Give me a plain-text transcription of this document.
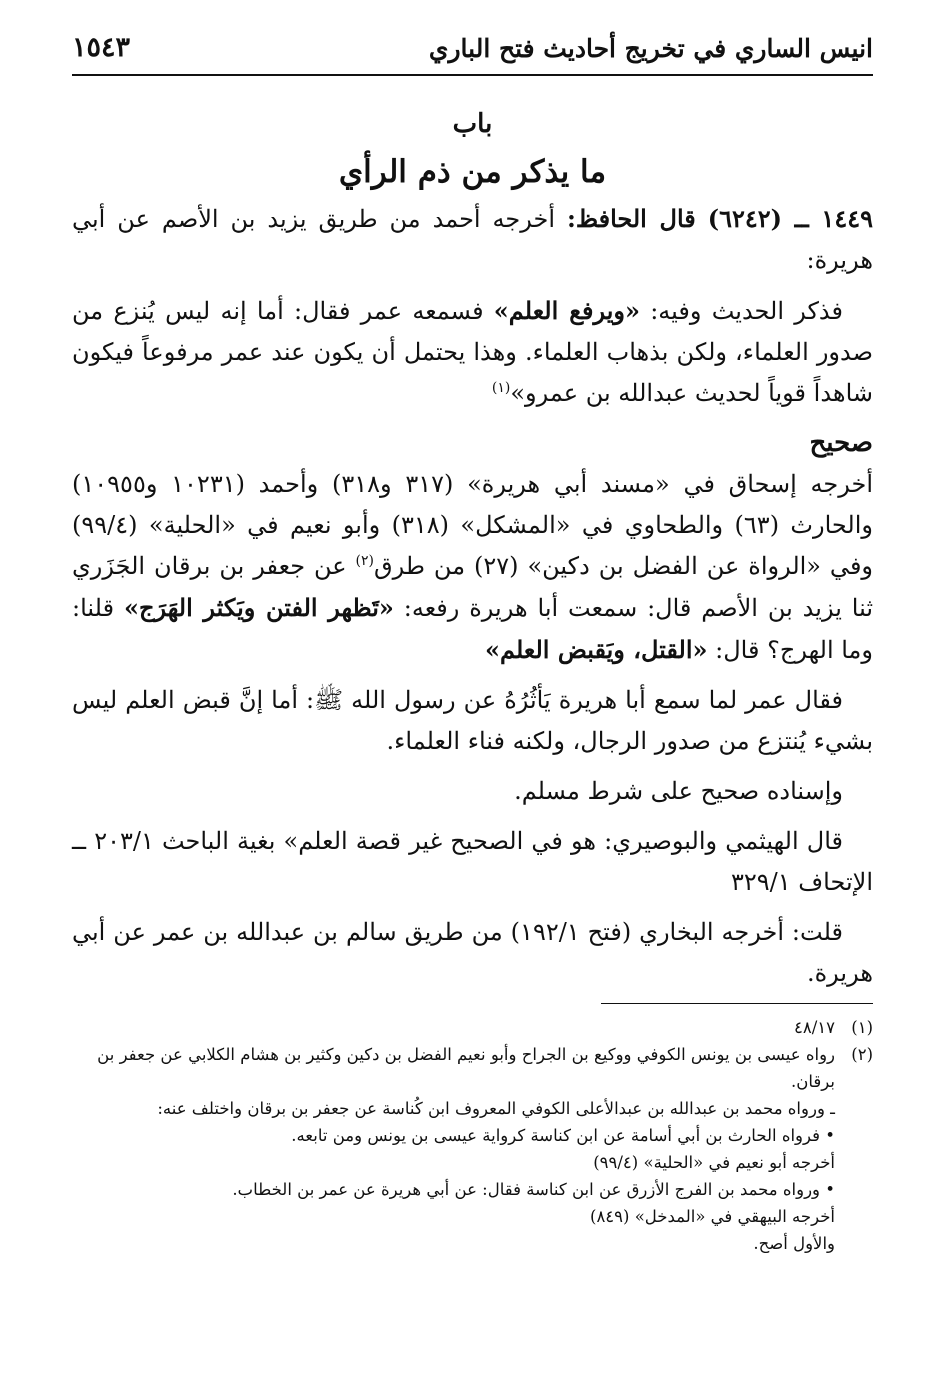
انيس الساري في تخريج أحاديث فتح الباري
١٥٤٣
باب
ما يذكر من ذم الرأي

١٤٤٩ ــ (٦٢٤٢) قال الحافظ: أخرجه أحمد من طريق يزيد بن الأصم عن أبي هريرة:

فذكر الحديث وفيه: «ويرفع العلم» فسمعه عمر فقال: أما إنه ليس يُنزع من صدور العلماء، ولكن بذهاب العلماء. وهذا يحتمل أن يكون عند عمر مرفوعاً فيكون شاهداً قوياً لحديث عبدالله بن عمرو»$^{(١)}$

صحيح

أخرجه إسحاق في «مسند أبي هريرة» (٣١٧ و٣١٨) وأحمد (١٠٢٣١ و١٠٩٥٥) والحارث (٦٣) والطحاوي في «المشكل» (٣١٨) وأبو نعيم في «الحلية» (٩٩/٤) وفي «الرواة عن الفضل بن دكين» (٢٧) من طرق$^{(٢)}$ عن جعفر بن برقان الجَزَري ثنا يزيد بن الأصم قال: سمعت أبا هريرة رفعه: «تَظهر الفتن ويَكثر الهَرَج» قلنا: وما الهرج؟ قال: «القتل، ويَقبض العلم»

فقال عمر لما سمع أبا هريرة يَأثُرُهُ عن رسول الله ﷺ: أما إنَّ قبض العلم ليس بشيء يُنتزع من صدور الرجال، ولكنه فناء العلماء.

وإسناده صحيح على شرط مسلم.

قال الهيثمي والبوصيري: هو في الصحيح غير قصة العلم» بغية الباحث ٢٠٣/١ ــ الإتحاف ٣٢٩/١

قلت: أخرجه البخاري (فتح ١٩٢/١) من طريق سالم بن عبدالله بن عمر عن أبي هريرة.

(١)

٤٨/١٧

(٢)

رواه عيسى بن يونس الكوفي ووكيع بن الجراح وأبو نعيم الفضل بن دكين وكثير بن هشام الكلابي عن جعفر بن برقان.

ـ ورواه محمد بن عبدالله بن عبدالأعلى الكوفي المعروف ابن كُناسة عن جعفر بن برقان واختلف عنه:

• فرواه الحارث بن أبي أسامة عن ابن كناسة كرواية عيسى بن يونس ومن تابعه.

أخرجه أبو نعيم في «الحلية» (٩٩/٤)

• ورواه محمد بن الفرج الأزرق عن ابن كناسة فقال: عن أبي هريرة عن عمر بن الخطاب.

أخرجه البيهقي في «المدخل» (٨٤٩)

والأول أصح.
